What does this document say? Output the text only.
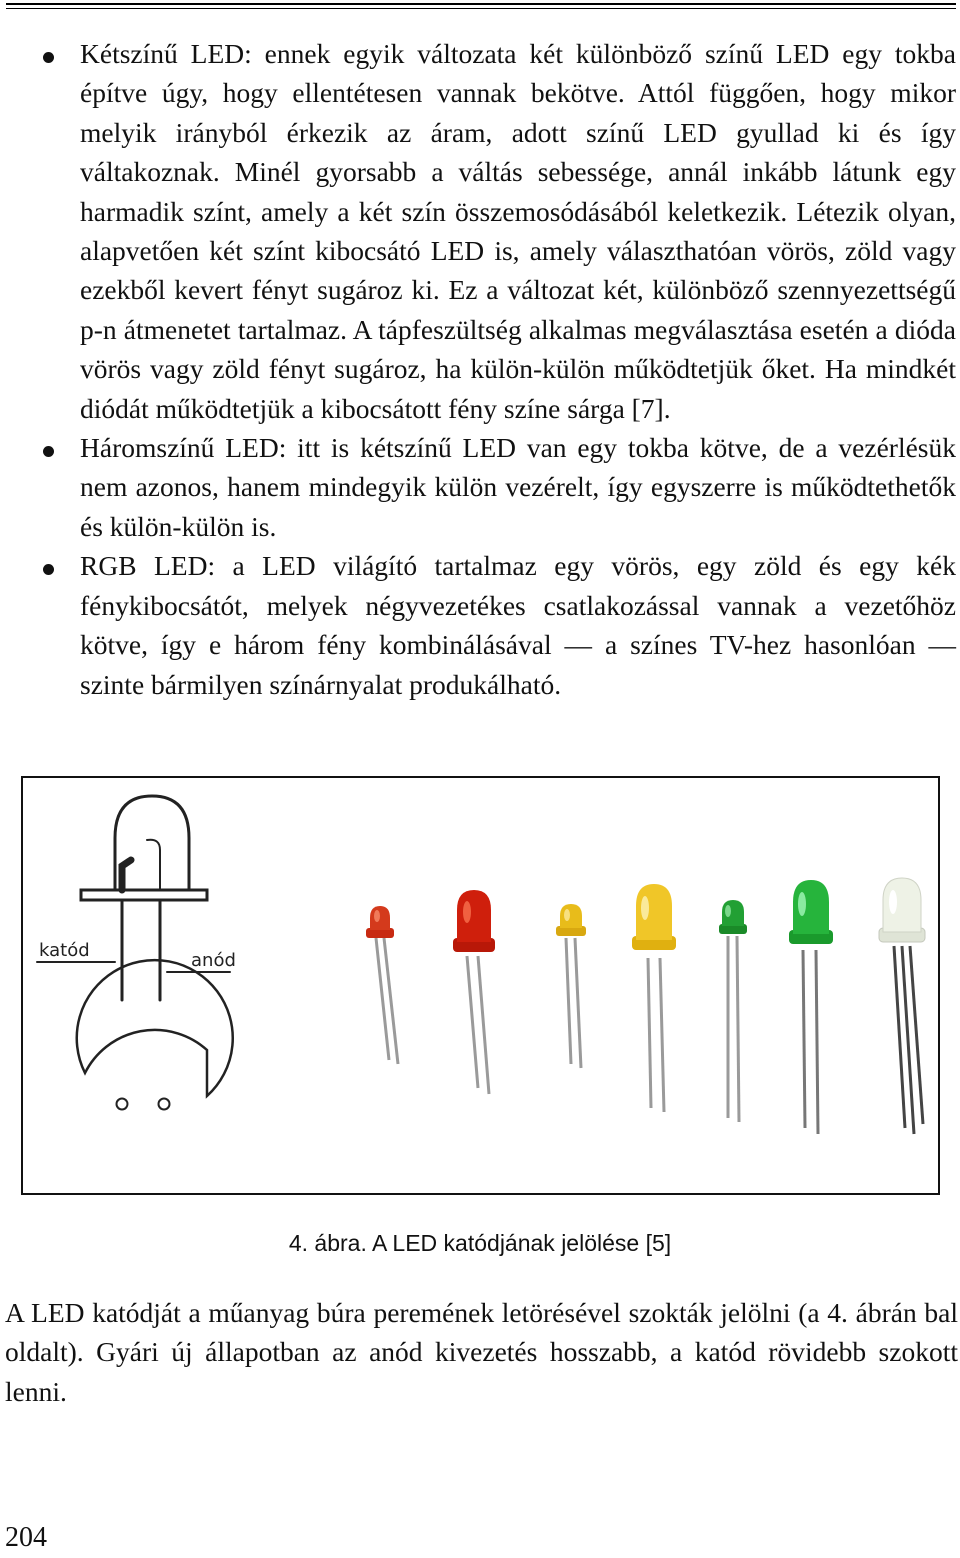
Kétszínű LED: ennek egyik változata két különböző színű LED egy tokba építve úgy, hogy ellentétesen vannak bekötve. Attól függően, hogy mikor melyik irányból érkezik az áram, adott színű LED gyullad ki és így váltakoznak. Minél gyorsabb a váltás sebessége, annál inkább látunk egy harmadik színt, amely a két szín összemosódásából keletkezik. Létezik olyan, alapvetően két színt kibocsátó LED is, amely választhatóan vörös, zöld vagy ezekből kevert fényt sugároz ki. Ez a változat két, különböző szennyezettségű p-n átmenetet tartalmaz. A tápfeszültség alkalmas megválasztása esetén a dióda vörös vagy zöld fényt sugároz, ha külön-külön működtetjük őket. Ha mindkét diódát működtetjük a kibocsátott fény színe sárga [7].

Háromszínű LED: itt is kétszínű LED van egy tokba kötve, de a vezérlésük nem azonos, hanem mindegyik külön vezérelt, így egyszerre is működtethetők és külön-külön is.

RGB LED: a LED világító tartalmaz egy vörös, egy zöld és egy kék fénykibocsátót, melyek négyvezetékes csatlakozással vannak a vezetőhöz kötve, így e három fény kombinálásával — a színes TV-hez hasonlóan — szinte bármilyen színárnyalat produkálható.

katód	anód
4. ábra. A LED katódjának jelölése [5]

A LED katódját a műanyag búra peremének letörésével szokták jelölni (a 4. ábrán bal oldalt). Gyári új állapotban az anód kivezetés hosszabb, a katód rövidebb szokott lenni.

204
